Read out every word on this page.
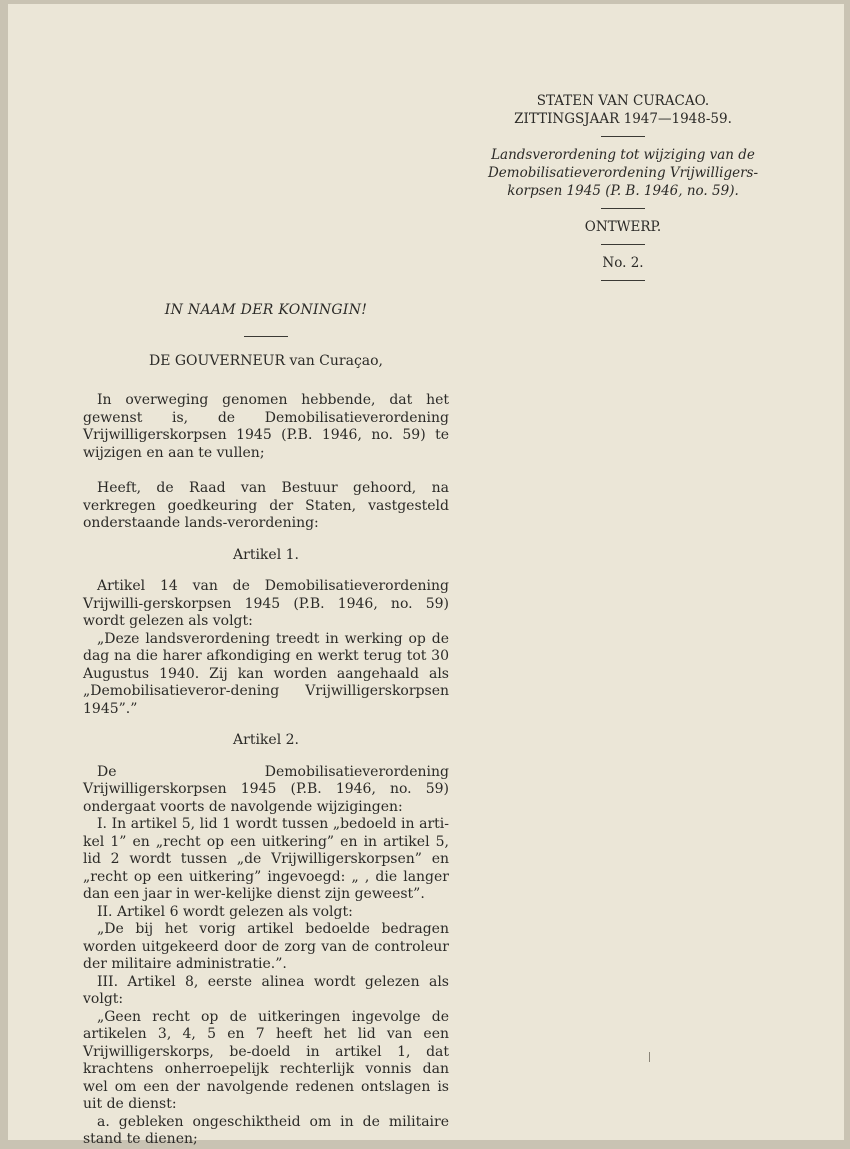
STATEN VAN CURACAO.
ZITTINGSJAAR 1947—1948-59.
Landsverordening tot wijziging van de Demobilisatieverordening Vrijwilligers-korpsen 1945 (P. B. 1946, no. 59).
ONTWERP.
No. 2.
IN NAAM DER KONINGIN!
DE GOUVERNEUR van Curaçao,

In overweging genomen hebbende, dat het gewenst is, de Demobilisatieverordening Vrijwilligerskorpsen 1945 (P.B. 1946, no. 59) te wijzigen en aan te vullen;

Heeft, de Raad van Bestuur gehoord, na verkregen goedkeuring der Staten, vastgesteld onderstaande lands-verordening:

Artikel 1.

Artikel 14 van de Demobilisatieverordening Vrijwilli-gerskorpsen 1945 (P.B. 1946, no. 59) wordt gelezen als volgt:

„Deze landsverordening treedt in werking op de dag na die harer afkondiging en werkt terug tot 30 Augustus 1940. Zij kan worden aangehaald als „Demobilisatieveror-dening Vrijwilligerskorpsen 1945”.”

Artikel 2.

De Demobilisatieverordening Vrijwilligerskorpsen 1945 (P.B. 1946, no. 59) ondergaat voorts de navolgende wijzigingen:

I. In artikel 5, lid 1 wordt tussen „bedoeld in arti-kel 1” en „recht op een uitkering” en in artikel 5, lid 2 wordt tussen „de Vrijwilligerskorpsen” en „recht op een uitkering” ingevoegd: „ , die langer dan een jaar in wer-kelijke dienst zijn geweest”.

II. Artikel 6 wordt gelezen als volgt:

„De bij het vorig artikel bedoelde bedragen worden uitgekeerd door de zorg van de controleur der militaire administratie.”.

III. Artikel 8, eerste alinea wordt gelezen als volgt:

„Geen recht op de uitkeringen ingevolge de artikelen 3, 4, 5 en 7 heeft het lid van een Vrijwilligerskorps, be-doeld in artikel 1, dat krachtens onherroepelijk rechterlijk vonnis dan wel om een der navolgende redenen ontslagen is uit de dienst:

a. gebleken ongeschiktheid om in de militaire stand te dienen;
